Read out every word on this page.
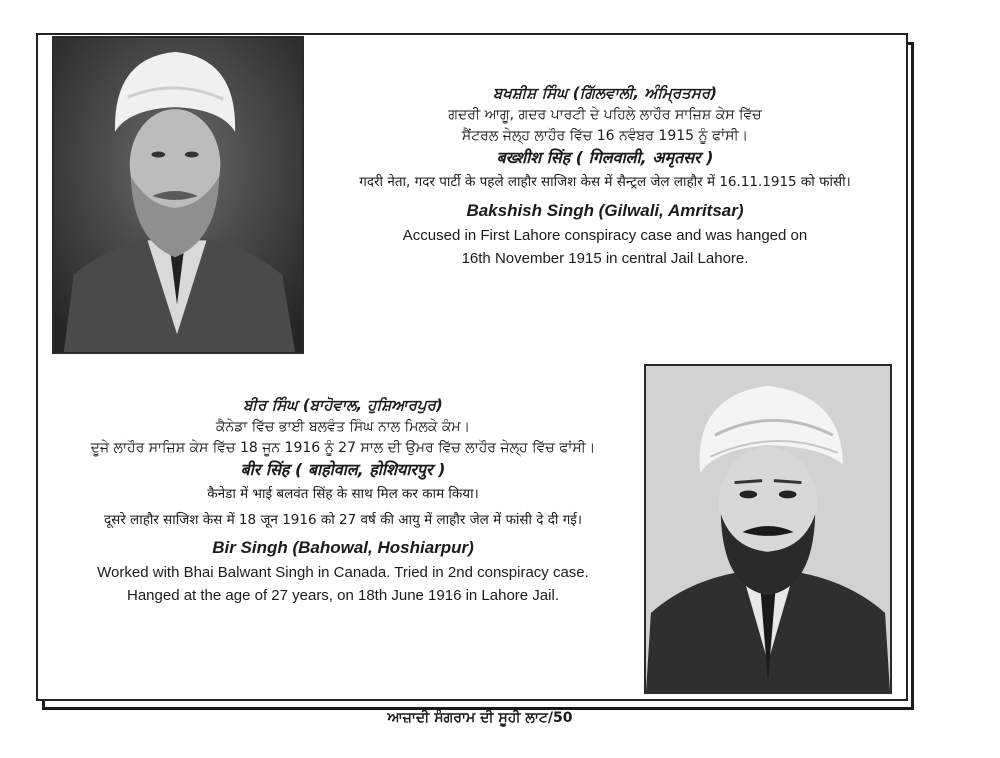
ਬਖਸ਼ੀਸ਼ ਸਿੰਘ (ਗਿੱਲਵਾਲੀ, ਅੰਮ੍ਰਿਤਸਰ)
ਗਦਰੀ ਆਗੂ, ਗਦਰ ਪਾਰਟੀ ਦੇ ਪਹਿਲੇ ਲਾਹੌਰ ਸਾਜ਼ਿਸ਼ ਕੇਸ ਵਿੱਚ
ਸੈਂਟਰਲ ਜੇਲ੍ਹ ਲਾਹੌਰ ਵਿੱਚ 16 ਨਵੰਬਰ 1915 ਨੂੰ ਫਾਂਸੀ।
बख्शीश सिंह ( गिलवाली, अमृतसर )
गदरी नेता, गदर पार्टी के पहले लाहौर साजिश केस में सैन्ट्रल जेल लाहौर में 16.11.1915 को फांसी।
Bakshish Singh (Gilwali, Amritsar)
Accused in First Lahore conspiracy case and was hanged on
16th November 1915 in central Jail Lahore.
ਬੀਰ ਸਿੰਘ (ਬਾਹੋਵਾਲ, ਹੁਸ਼ਿਆਰਪੁਰ)
ਕੈਨੇਡਾ ਵਿੱਚ ਭਾਈ ਬਲਵੰਤ ਸਿੰਘ ਨਾਲ ਮਿਲਕੇ ਕੰਮ।
ਦੂਜੇ ਲਾਹੌਰ ਸਾਜ਼ਿਸ਼ ਕੇਸ ਵਿੱਚ 18 ਜੂਨ 1916 ਨੂੰ 27 ਸਾਲ ਦੀ ਉਮਰ ਵਿੱਚ ਲਾਹੌਰ ਜੇਲ੍ਹ ਵਿੱਚ ਫਾਂਸੀ।
बीर सिंह ( बाहोवाल, होशियारपुर )
कैनेडा में भाई बलवंत सिंह के साथ मिल कर काम किया।
दूसरे लाहौर साजिश केस में 18 जून 1916 को 27 वर्ष की आयु में लाहौर जेल में फांसी दे दी गई।
Bir Singh (Bahowal, Hoshiarpur)
Worked with Bhai Balwant Singh in Canada. Tried in 2nd conspiracy case.
Hanged at the age of 27 years, on 18th June 1916 in Lahore Jail.
ਆਜ਼ਾਦੀ ਸੰਗਰਾਮ ਦੀ ਸੂਹੀ ਲਾਟ/50
